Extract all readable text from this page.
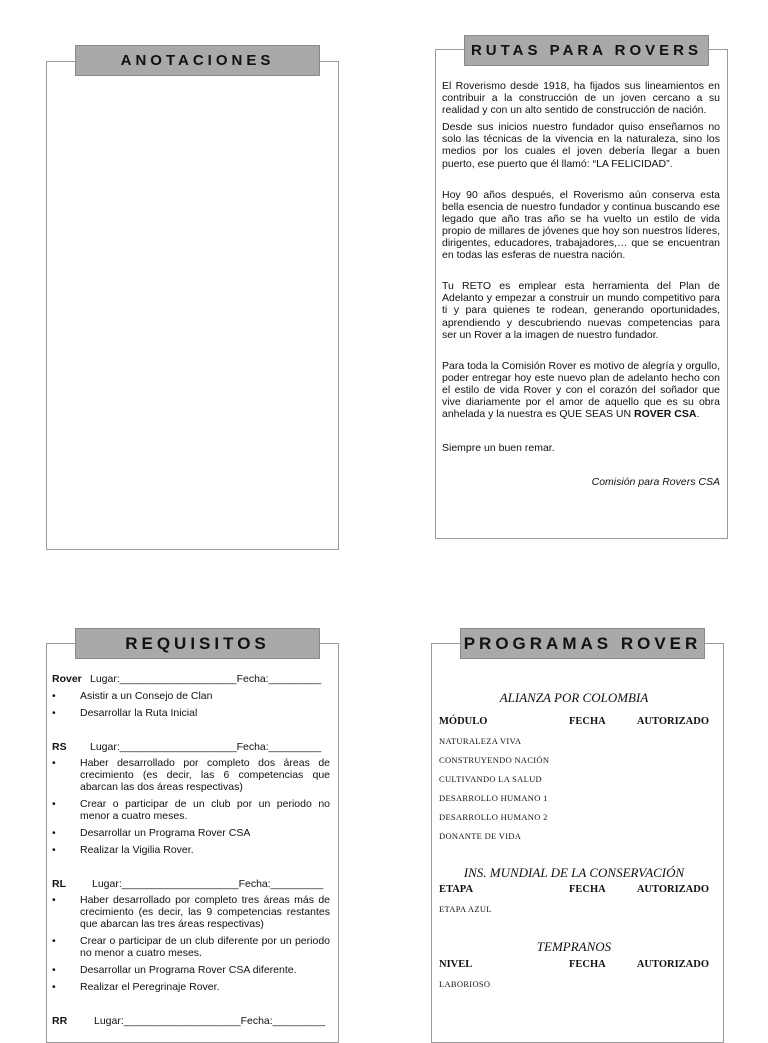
ANOTACIONES
RUTAS PARA ROVERS

El Roverismo desde 1918, ha fijados sus lineamientos en contribuir a la construcción de un joven cercano a su realidad y con un alto sentido de construcción de nación.

Desde sus inicios nuestro fundador quiso enseñarnos no solo las técnicas de la vivencia en la naturaleza, sino los medios por los cuales el joven debería llegar a buen puerto, ese puerto que él llamó: “LA FELICIDAD”.

Hoy 90 años después, el Roverismo aún conserva esta bella esencia de nuestro fundador y continua buscando ese legado que año tras año se ha vuelto un estilo de vida propio de millares de jóvenes que hoy son nuestros líderes, dirigentes, educadores, trabajadores,… que se encuentran en todas las esferas de nuestra nación.

Tu RETO es emplear esta herramienta del Plan de Adelanto y empezar a construir un mundo competitivo para ti y para quienes te rodean, generando oportunidades, aprendiendo y descubriendo nuevas competencias para ser un Rover a la imagen de nuestro fundador.

Para toda la Comisión Rover es motivo de alegría y orgullo, poder entregar hoy este nuevo plan de adelanto hecho con el estilo de vida Rover y con el corazón del soñador que vive diariamente por el amor de aquello que es su obra anhelada y la nuestra es QUE SEAS UN ROVER CSA.

Siempre un buen remar.

Comisión para Rovers CSA

REQUISITOS
Rover Lugar:____________________ Fecha:_________
• Asistir a un Consejo de Clan
• Desarrollar la Ruta Inicial
RS	Lugar:____________________ Fecha:_________
• Haber desarrollado por completo dos áreas de crecimiento (es decir, las 6 competencias que abarcan las dos áreas respectivas)
• Crear o participar de un club por un periodo no menor a cuatro meses.
• Desarrollar un Programa Rover CSA
• Realizar la Vigilia Rover.
RL	Lugar:____________________ Fecha:_________
• Haber desarrollado por completo tres áreas más de crecimiento (es decir, las 9 competencias restantes que abarcan las tres áreas respectivas)
• Crear o participar de un club diferente por un periodo no menor a cuatro meses.
• Desarrollar un Programa Rover CSA diferente.
• Realizar el Peregrinaje Rover.
RR	Lugar:____________________ Fecha:_________
PROGRAMAS ROVER
ALIANZA POR COLOMBIA
MÓDULO	FECHA	AUTORIZADO
NATURALEZA VIVA
CONSTRUYENDO NACIÓN
CULTIVANDO LA SALUD
DESARROLLO HUMANO 1
DESARROLLO HUMANO 2
DONANTE DE VIDA
INS. MUNDIAL DE LA CONSERVACIÓN
ETAPA	FECHA	AUTORIZADO
ETAPA AZUL
TEMPRANOS
NIVEL	FECHA	AUTORIZADO
LABORIOSO
